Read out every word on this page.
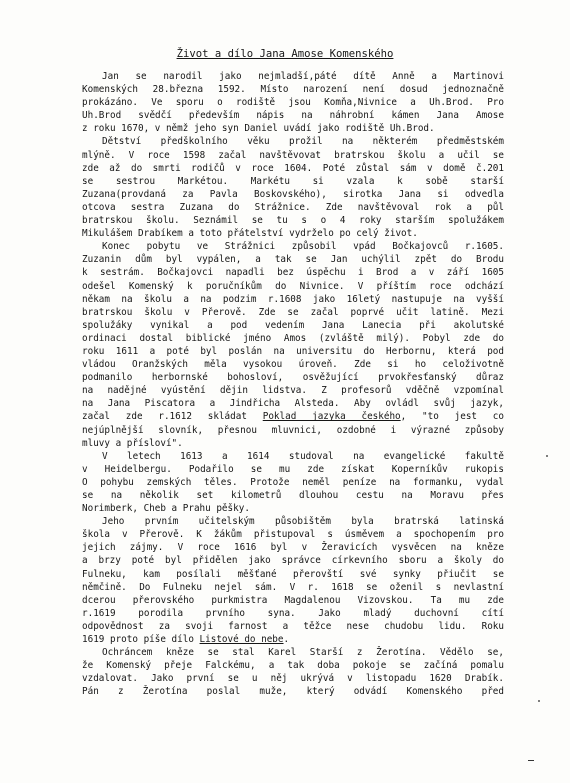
Život a dílo Jana Amose Komenského
Jan se narodil jako nejmladší,páté dítě Anně a Martinovi
Komenských 28.března 1592. Místo narození není dosud jednoznačně
prokázáno. Ve sporu o rodiště jsou Komňa,Nivnice a Uh.Brod. Pro
Uh.Brod svědčí především nápis na náhrobní kámen Jana Amose
z roku 1670, v němž jeho syn Daniel uvádí jako rodiště Uh.Brod.
Dětství předškolního věku prožil na některém předměstském
mlýně. V roce 1598 začal navštěvovat bratrskou školu a učil se
zde až do smrti rodičů v roce 1604. Poté zůstal sám v domě č.201
se sestrou Markétou. Markétu si vzala k sobě starší
Zuzana(provdaná za Pavla Boskovského), sirotka Jana si odvedla
otcova sestra Zuzana do Strážnice. Zde navštěvoval rok a půl
bratrskou školu. Seznámil se tu s o 4 roky starším spolužákem
Mikulášem Drabíkem a toto přátelství vydrželo po celý život.
Konec pobytu ve Strážnici způsobil vpád Bočkajovců r.1605.
Zuzanin dům byl vypálen, a tak se Jan uchýlil zpět do Brodu
k sestrám. Bočkajovci napadli bez úspěchu i Brod a v září 1605
odešel Komenský k poručníkům do Nivnice. V příštím roce odchází
někam na školu a na podzim r.1608 jako 16letý nastupuje na vyšší
bratrskou školu v Přerově. Zde se začal poprvé učit latině. Mezi
spolužáky vynikal a pod vedením Jana Lanecia při akolutské
ordinaci dostal biblické jméno Amos (zvláště milý). Pobyl zde do
roku 1611 a poté byl poslán na universitu do Herbornu, která pod
vládou Oranžských měla vysokou úroveň. Zde si ho celoživotně
podmanilo herbornské bohosloví, osvěžující prvokřesťanský důraz
na nadějné vyústění dějin lidstva. Z profesorů vděčně vzpomínal
na Jana Piscatora a Jindřicha Alsteda. Aby ovládl svůj jazyk,
začal zde r.1612 skládat Poklad jazyka českého, "to jest co
nejúplnější slovník, přesnou mluvnici, ozdobné i výrazné způsoby
mluvy a přísloví".
V letech 1613 a 1614 studoval na evangelické fakultě
v Heidelbergu. Podařilo se mu zde získat Koperníkův rukopis
O pohybu zemských těles. Protože neměl peníze na formanku, vydal
se na několik set kilometrů dlouhou cestu na Moravu přes
Norimberk, Cheb a Prahu pěšky.
Jeho prvním učitelským působištěm byla bratrská latinská
škola v Přerově. K žákům přistupoval s úsměvem a spochopením pro
jejich zájmy. V roce 1616 byl v Žeravicích vysvěcen na kněze
a brzy poté byl přidělen jako správce církevního sboru a školy do
Fulneku, kam posílali měšťané přerovští své synky přiučit se
němčině. Do Fulneku nejel sám. V r. 1618 se oženil s nevlastní
dcerou přerovského purkmistra Magdalenou Vizovskou. Ta mu zde
r.1619 porodila prvního syna. Jako mladý duchovní cítí
odpovědnost za svoji farnost a těžce nese chudobu lidu. Roku
1619 proto píše dílo Listové do nebe.
Ochráncem kněze se stal Karel Starší z Žerotína. Vědělo se,
že Komenský přeje Falckému, a tak doba pokoje se začíná pomalu
vzdalovat. Jako první se u něj ukrývá v listopadu 1620 Drabík.
Pán z Žerotína poslal muže, který odvádí Komenského před
